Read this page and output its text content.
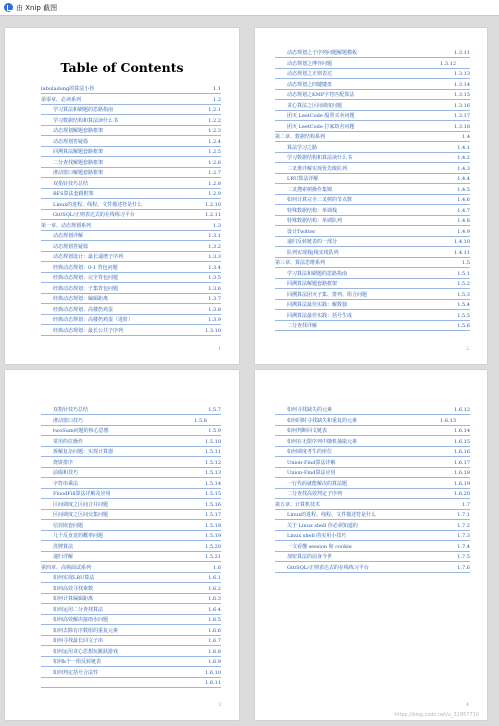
由 Xnip 截图
Table of Contents
labuladong的算法小抄	1.1
第零章、必读系列	1.2
学习算法和刷题的思路指南	1.2.1
学习数据结构和算法读什么书	1.2.2
动态规划解题套路框架	1.2.3
动态规划答疑篇	1.2.4
回溯算法解题套路框架	1.2.5
二分查找解题套路框架	1.2.6
滑动窗口解题套路框架	1.2.7
双指针技巧总结	1.2.8
BFS算法套路框架	1.2.9
Linux的进程、线程、文件描述符是什么	1.2.10
Git/SQL/正则表达式的在线练习平台	1.2.11
第一章、动态规划系列	1.3
动态规划详解	1.3.1
动态规划答疑篇	1.3.2
动态规划设计：最长递增子序列	1.3.3
经典动态规划：0-1 背包问题	1.3.4
经典动态规划：完全背包问题	1.3.5
经典动态规划：子集背包问题	1.3.6
经典动态规划：编辑距离	1.3.7
经典动态规划：高楼扔鸡蛋	1.3.8
经典动态规划：高楼扔鸡蛋（进阶）	1.3.9
经典动态规划：最长公共子序列	1.3.10
1
动态规划之子序列问题解题模板	1.3.11
动态规划之博弈问题	1.3.12
动态规划之正则表达	1.3.13
动态规划之四键键盘	1.3.14
动态规划之KMP字符匹配算法	1.3.15
贪心算法之区间调度问题	1.3.16
团灭 LeetCode 股票买卖问题	1.3.17
团灭 LeetCode 打家劫舍问题	1.3.18
第二章、数据结构系列	1.4
算法学习之路	1.4.1
学习数据结构和算法读什么书	1.4.2
二叉堆详解实现优先级队列	1.4.3
LRU算法详解	1.4.4
二叉搜索树操作集锦	1.4.5
如何计算完全二叉树的节点数	1.4.6
特殊数据结构：单调栈	1.4.7
特殊数据结构：单调队列	1.4.8
设计Twitter	1.4.9
递归反转链表的一部分	1.4.10
队列实现栈|栈实现队列	1.4.11
第三章、算法思维系列	1.5
学习算法和刷题的思路指南	1.5.1
回溯算法解题套路框架	1.5.2
回溯算法团灭子集、排列、组合问题	1.5.3
回溯算法最佳实践：解数独	1.5.4
回溯算法最佳实践：括号生成	1.5.5
二分查找详解	1.5.6
2
双指针技巧总结	1.5.7
滑动窗口技巧	1.5.8
twoSum问题的核心思想	1.5.9
常用的位操作	1.5.10
拆解复杂问题：实现计算器	1.5.11
烧饼排序	1.5.12
前缀和技巧	1.5.13
字符串乘法	1.5.14
FloodFill算法详解及应用	1.5.15
区间调度之区间合并问题	1.5.16
区间调度之区间交集问题	1.5.17
信封嵌套问题	1.5.18
几个反直觉的概率问题	1.5.19
洗牌算法	1.5.20
递归详解	1.5.21
第四章、高频面试系列	1.6
如何实现LRU算法	1.6.1
如何高效寻找素数	1.6.2
如何计算编辑距离	1.6.3
如何运用二分查找算法	1.6.4
如何高效解决接雨水问题	1.6.5
如何去除有序数组的重复元素	1.6.6
如何寻找最长回文子串	1.6.7
如何运用贪心思想玩跳跃游戏	1.6.8
如何k个一组反转链表	1.6.9
如何判定括号合法性	1.6.10
1.6.11
3
如何寻找缺失的元素	1.6.12
如何同时寻找缺失和重复的元素	1.6.13
如何判断回文链表	1.6.14
如何在无限序列中随机抽取元素	1.6.15
如何调度考生的座位	1.6.16
Union-Find算法详解	1.6.17
Union-Find算法应用	1.6.18
一行代码就能解决的算法题	1.6.19
二分查找高效判定子序列	1.6.20
第五章、计算机技术	1.7
Linux的进程、线程、文件描述符是什么	1.7.1
关于 Linux shell 你必须知道的	1.7.2
Linux shell 的实用小技巧	1.7.3
一文看懂 session 和 cookie	1.7.4
加密算法的前身今世	1.7.5
Git/SQL/正则表达式的在线练习平台	1.7.6
4
https://blog.csdn.net/u_31957710
